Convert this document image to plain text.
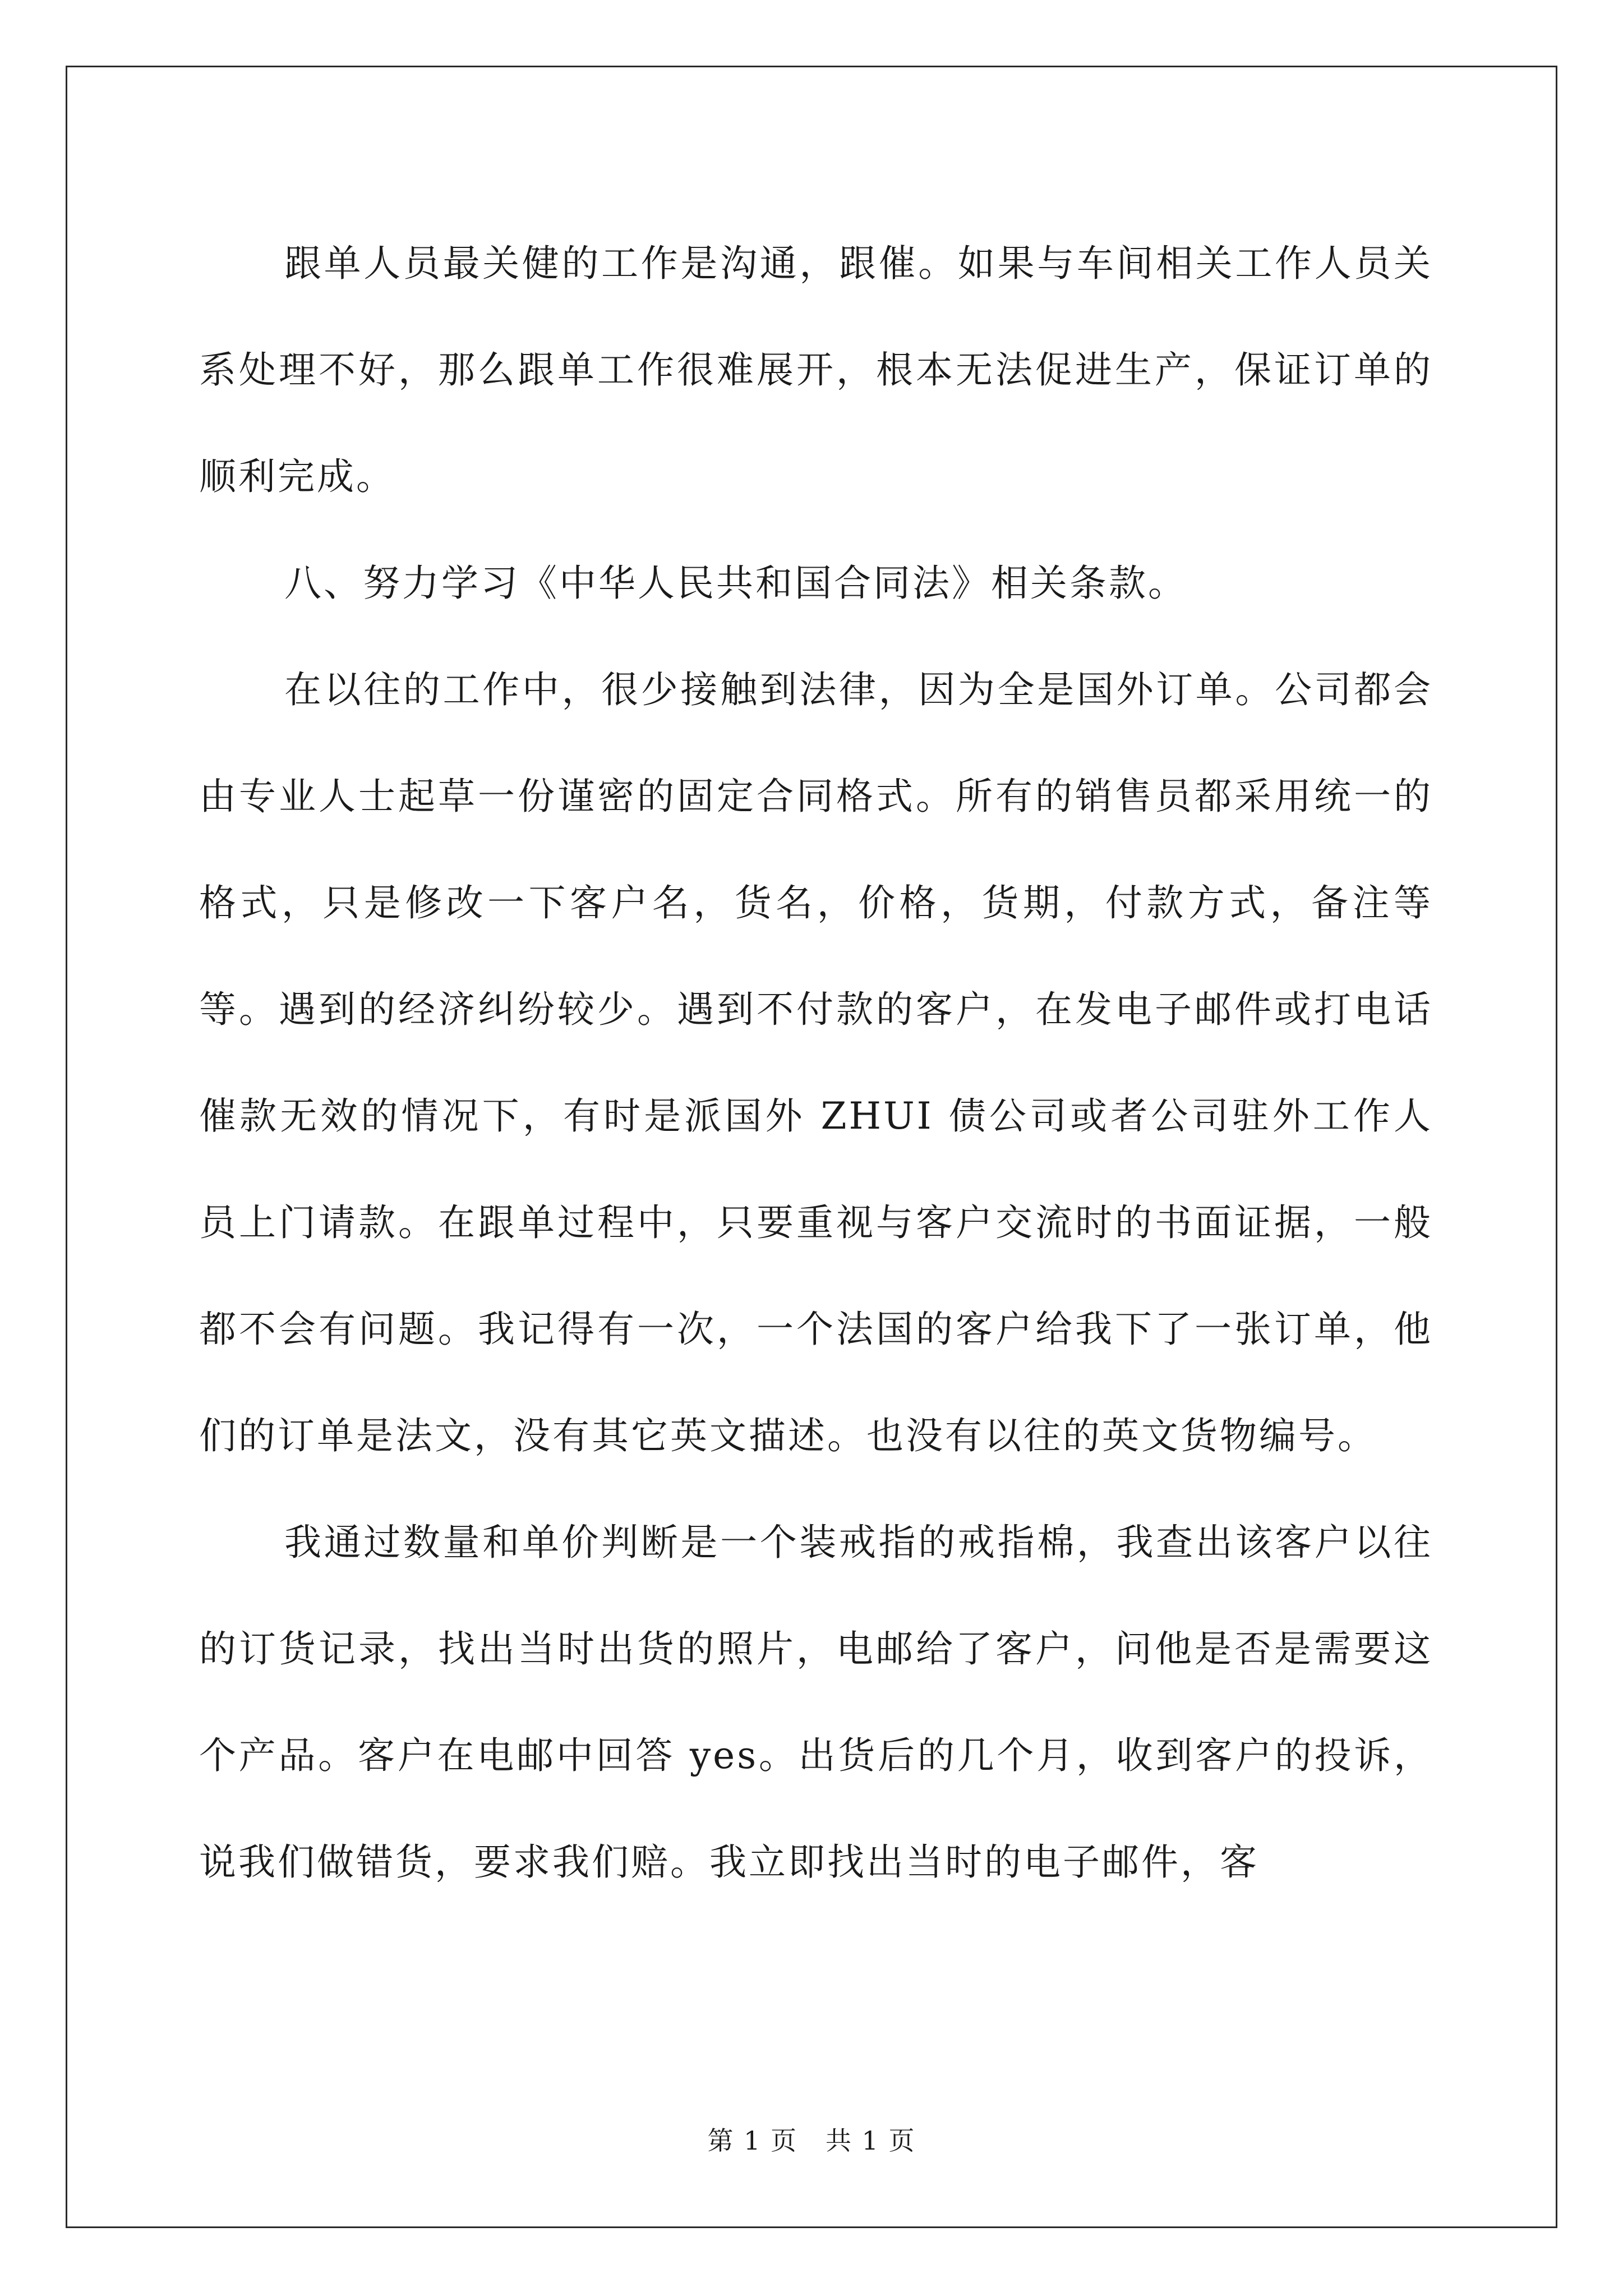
跟单人员最关健的工作是沟通，跟催。如果与车间相关工作人员关系处理不好，那么跟单工作很难展开，根本无法促进生产，保证订单的顺利完成。

八、努力学习《中华人民共和国合同法》相关条款。

在以往的工作中，很少接触到法律，因为全是国外订单。公司都会由专业人士起草一份谨密的固定合同格式。所有的销售员都采用统一的格式，只是修改一下客户名，货名，价格，货期，付款方式，备注等等。遇到的经济纠纷较少。遇到不付款的客户，在发电子邮件或打电话催款无效的情况下，有时是派国外 ZHUI 债公司或者公司驻外工作人员上门请款。在跟单过程中，只要重视与客户交流时的书面证据，一般都不会有问题。我记得有一次，一个法国的客户给我下了一张订单，他们的订单是法文，没有其它英文描述。也没有以往的英文货物编号。

我通过数量和单价判断是一个装戒指的戒指棉，我查出该客户以往的订货记录，找出当时出货的照片，电邮给了客户，问他是否是需要这个产品。客户在电邮中回答 yes。出货后的几个月，收到客户的投诉，说我们做错货，要求我们赔。我立即找出当时的电子邮件，客

第 1 页 共 1 页
